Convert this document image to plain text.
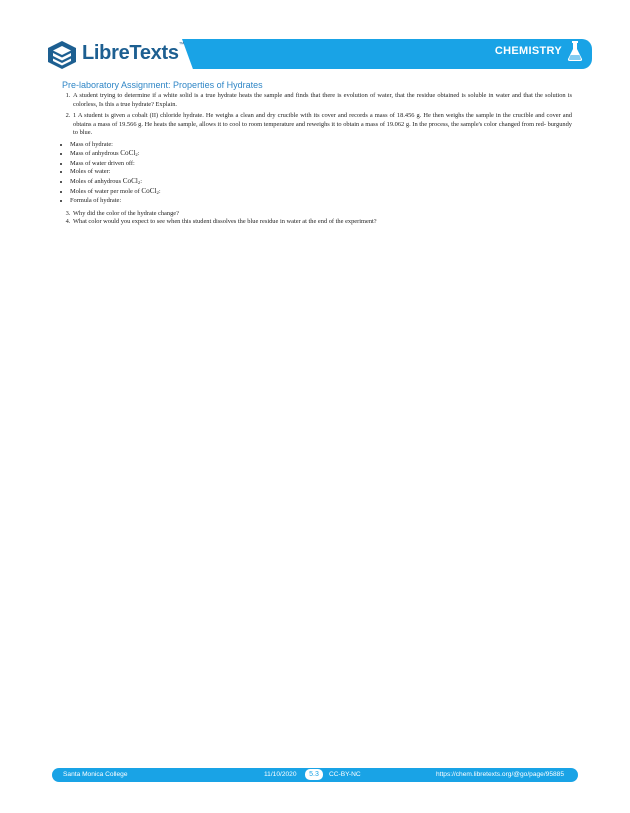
LibreTexts™	CHEMISTRY
Pre-laboratory Assignment: Properties of Hydrates
1. A student trying to determine if a white solid is a true hydrate heats the sample and finds that there is evolution of water, that the residue obtained is soluble in water and that the solution is colorless, Is this a true hydrate? Explain.
2. 1 A student is given a cobalt (II) chloride hydrate. He weighs a clean and dry crucible with its cover and records a mass of 18.456 g. He then weighs the sample in the crucible and cover and obtains a mass of 19.566 g. He heats the sample, allows it to cool to room temperature and reweighs it to obtain a mass of 19.062 g. In the process, the sample's color changed from red- burgundy to blue.
• Mass of hydrate:
• Mass of anhydrous CoCl$_2$:
• Mass of water driven off:
• Moles of water:
• Moles of anhydrous CoCl$_2$:
• Moles of water per mole of CoCl$_2$:
• Formula of hydrate:
3. Why did the color of the hydrate change?
4. What color would you expect to see when this student dissolves the blue residue in water at the end of the experiment?
Santa Monica College	11/10/2020	5.3	CC-BY-NC	https://chem.libretexts.org/@go/page/95885
